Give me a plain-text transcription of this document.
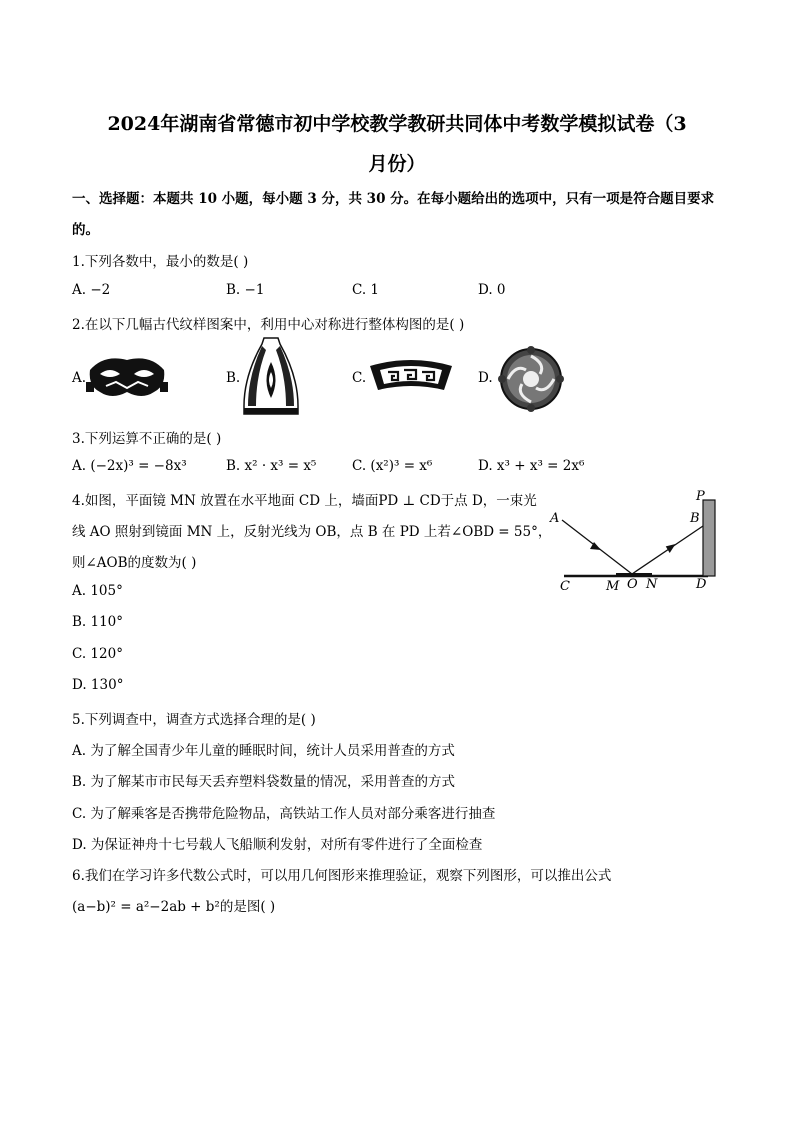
2024年湖南省常德市初中学校教学教研共同体中考数学模拟试卷（3
月份）
一、选择题：本题共 10 小题，每小题 3 分，共 30 分。在每小题给出的选项中，只有一项是符合题目要求
的。
1.下列各数中，最小的数是( )
A. −2	B. −1	C. 1	D. 0
2.在以下几幅古代纹样图案中，利用中心对称进行整体构图的是( )
A.	B.	C.	D.
3.下列运算不正确的是( )
A. (−2x)³ = −8x³	B. x² · x³ = x⁵	C. (x²)³ = x⁶	D. x³ + x³ = 2x⁶
4.如图，平面镜 MN 放置在水平地面 CD 上，墙面PD ⊥ CD于点 D，一束光
线 AO 照射到镜面 MN 上，反射光线为 OB，点 B 在 PD 上若∠OBD = 55°，
则∠AOB的度数为( )
A. 105°
B. 110°
C. 120°
D. 130°
A	B
P
C	M O N	D
5.下列调查中，调查方式选择合理的是( )
A. 为了解全国青少年儿童的睡眠时间，统计人员采用普查的方式
B. 为了解某市市民每天丢弃塑料袋数量的情况，采用普查的方式
C. 为了解乘客是否携带危险物品，高铁站工作人员对部分乘客进行抽查
D. 为保证神舟十七号载人飞船顺利发射，对所有零件进行了全面检查
6.我们在学习许多代数公式时，可以用几何图形来推理验证，观察下列图形，可以推出公式
(a−b)² = a²−2ab + b²的是图( )
